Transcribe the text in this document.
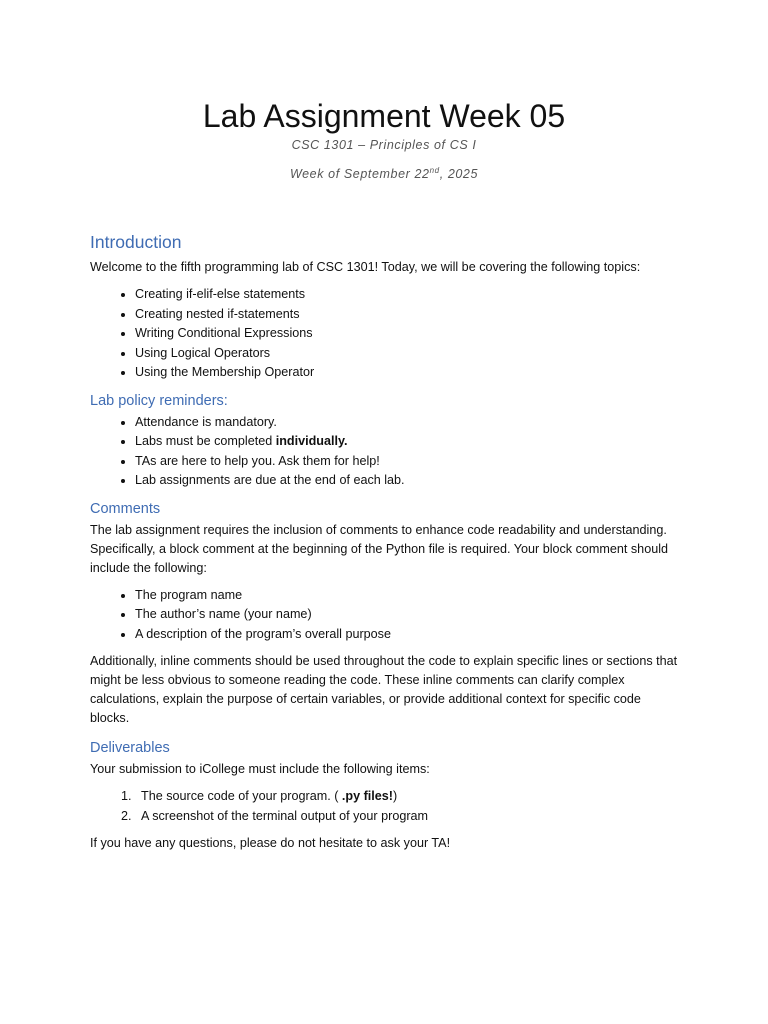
Lab Assignment Week 05

CSC 1301 – Principles of CS I

Week of September 22nd, 2025

Introduction

Welcome to the fifth programming lab of CSC 1301! Today, we will be covering the following topics:

• Creating if-elif-else statements
• Creating nested if-statements
• Writing Conditional Expressions
• Using Logical Operators
• Using the Membership Operator
Lab policy reminders:
• Attendance is mandatory.
• Labs must be completed individually.
• TAs are here to help you. Ask them for help!
• Lab assignments are due at the end of each lab.
Comments

The lab assignment requires the inclusion of comments to enhance code readability and understanding. Specifically, a block comment at the beginning of the Python file is required. Your block comment should include the following:

• The program name
• The author’s name (your name)
• A description of the program’s overall purpose

Additionally, inline comments should be used throughout the code to explain specific lines or sections that might be less obvious to someone reading the code. These inline comments can clarify complex calculations, explain the purpose of certain variables, or provide additional context for specific code blocks.

Deliverables

Your submission to iCollege must include the following items:

1. The source code of your program. ( .py files!)
2. A screenshot of the terminal output of your program

If you have any questions, please do not hesitate to ask your TA!
